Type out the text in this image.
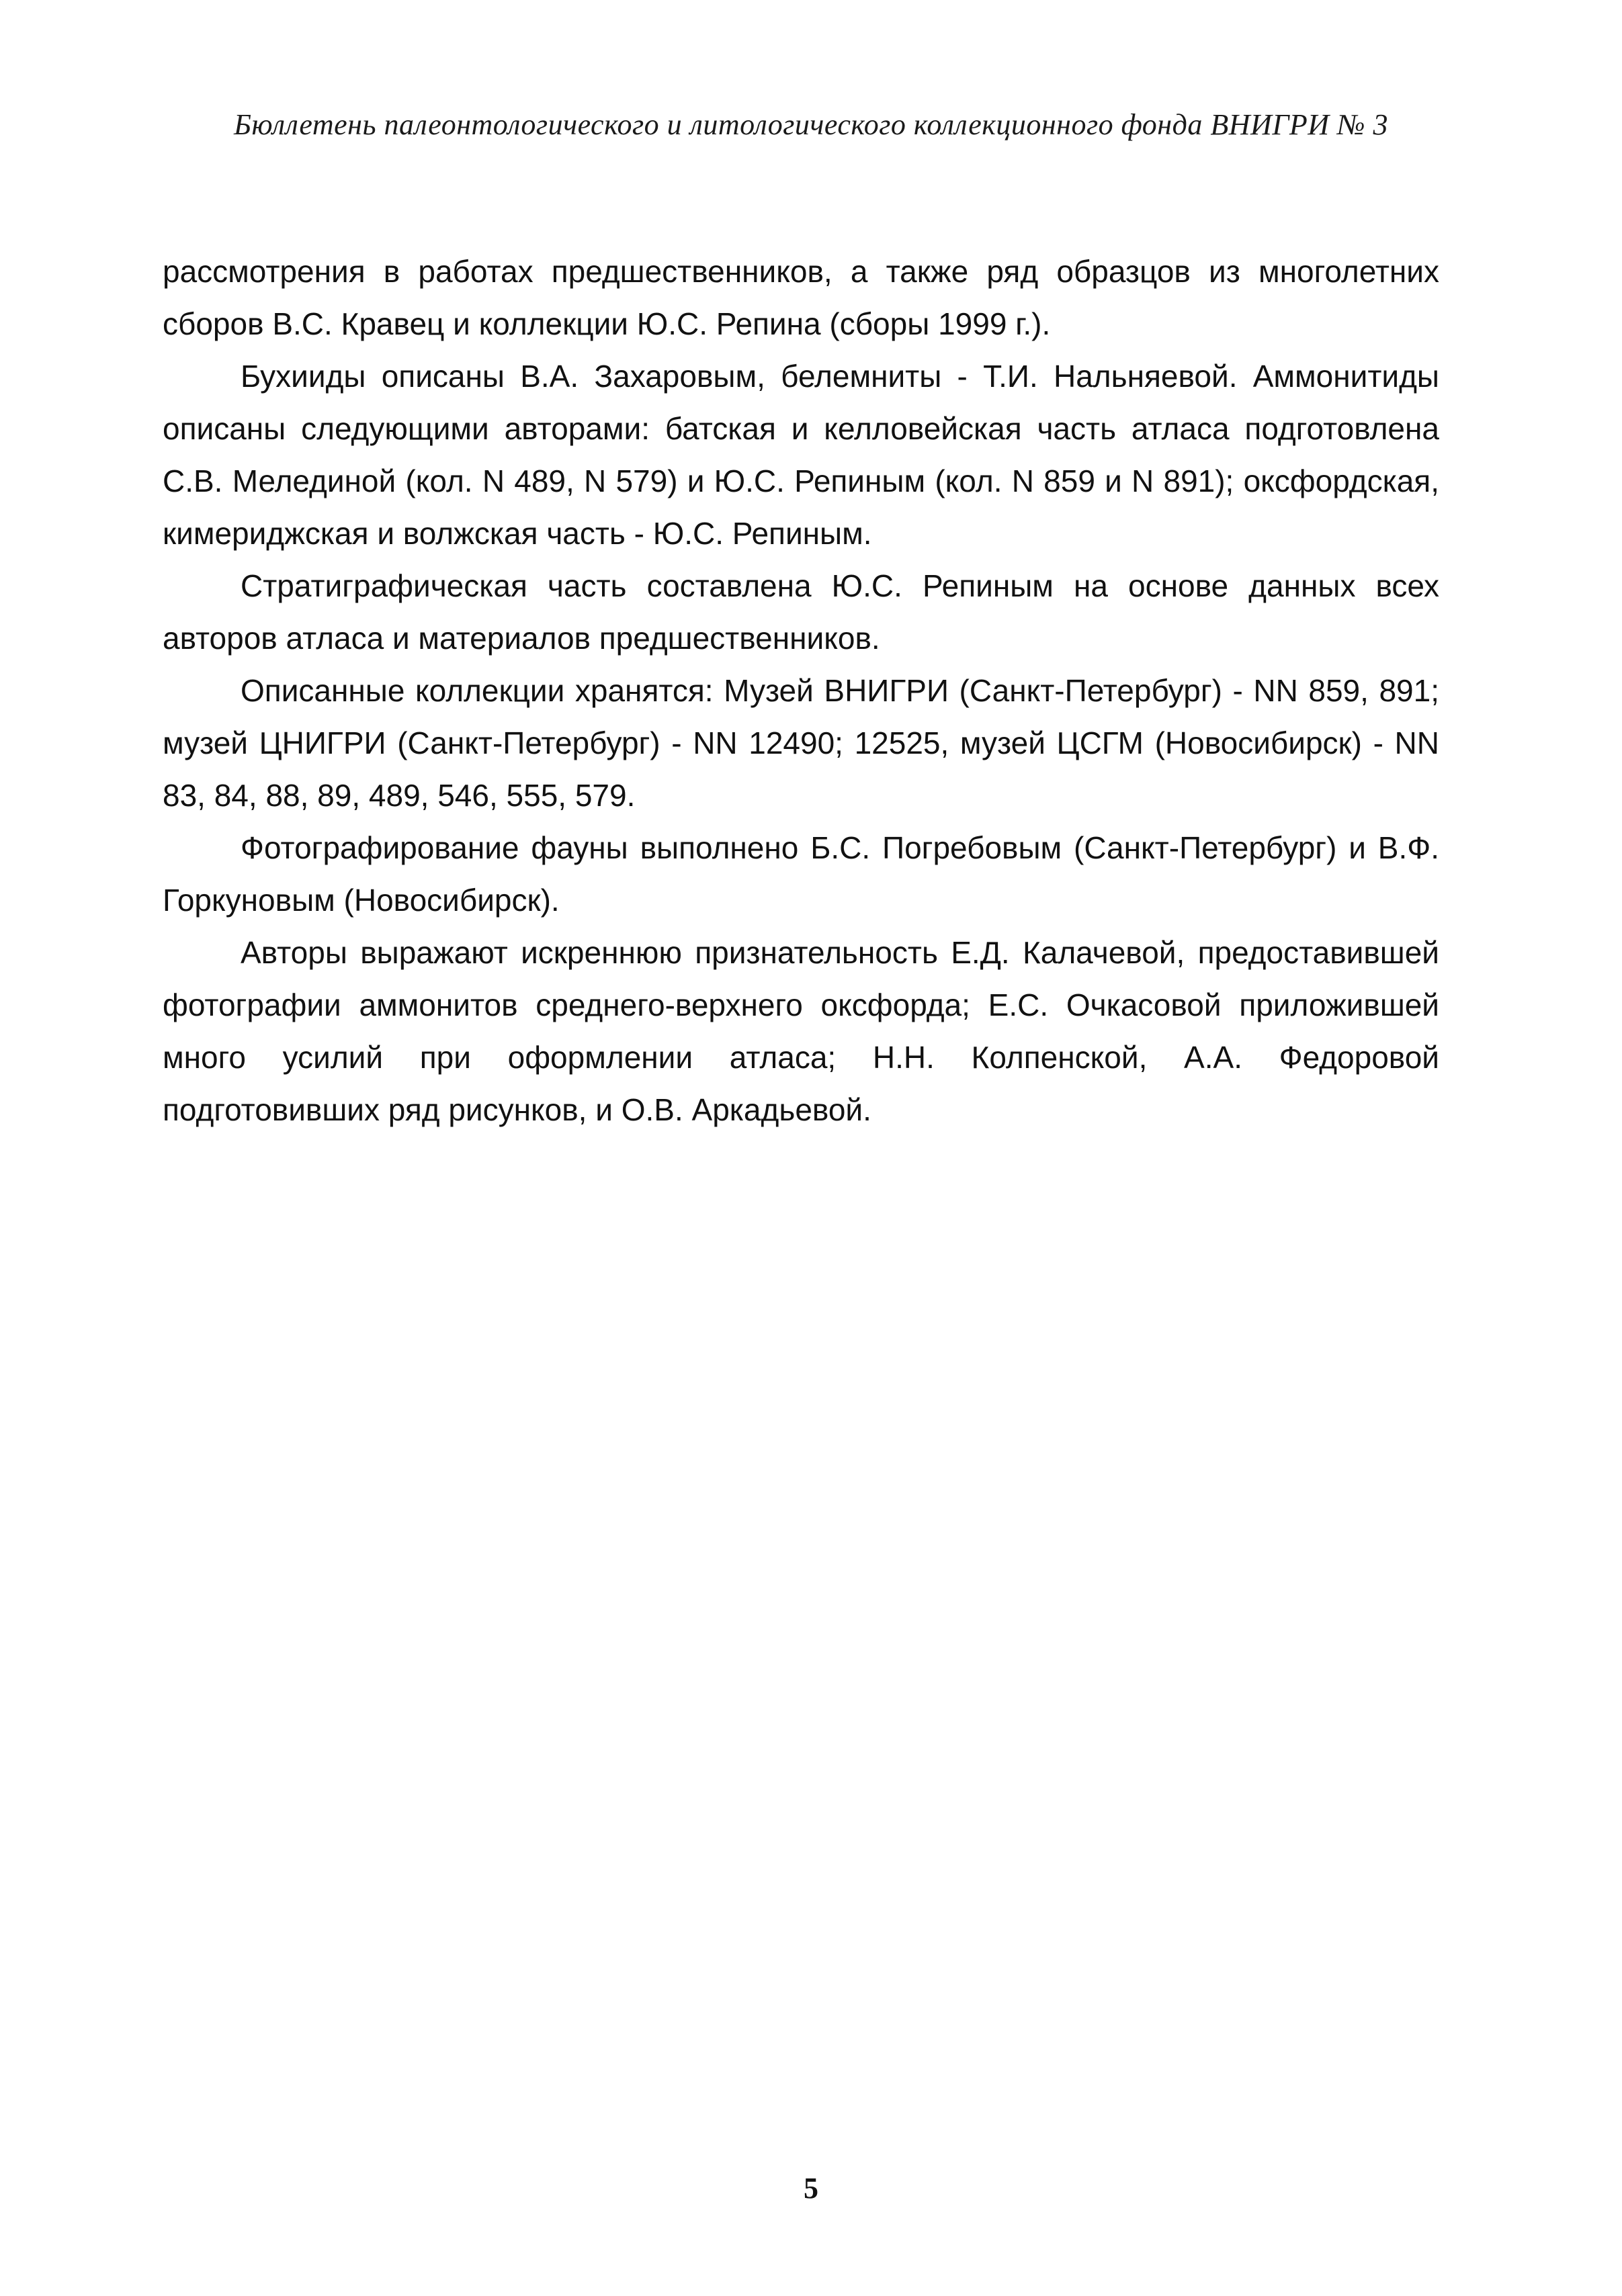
Бюллетень палеонтологического и литологического коллекционного фонда ВНИГРИ № 3

рассмотрения в работах предшественников, а также ряд образцов из многолетних сборов В.С. Кравец и коллекции Ю.С. Репина (сборы 1999 г.).

Бухииды описаны В.А. Захаровым, белемниты - Т.И. Нальняевой. Аммонитиды описаны следующими авторами: батская и келловейская часть атласа подготовлена С.В. Мелединой (кол. N 489, N 579) и Ю.С. Репиным (кол. N 859 и N 891); оксфордская, кимериджская и волжская часть - Ю.С. Репиным.

Стратиграфическая часть составлена Ю.С. Репиным на основе данных всех авторов атласа и материалов предшественников.

Описанные коллекции хранятся: Музей ВНИГРИ (Санкт-Петербург) - NN 859, 891; музей ЦНИГРИ (Санкт-Петербург) - NN 12490; 12525, музей ЦСГМ (Новосибирск) - NN 83, 84, 88, 89, 489, 546, 555, 579.

Фотографирование фауны выполнено Б.С. Погребовым (Санкт-Петербург) и В.Ф. Горкуновым (Новосибирск).

Авторы выражают искреннюю признательность Е.Д. Калачевой, предоставившей фотографии аммонитов среднего-верхнего оксфорда; Е.С. Очкасовой приложившей много усилий при оформлении атласа; Н.Н. Колпенской, А.А. Федоровой подготовивших ряд рисунков, и О.В. Аркадьевой.

5
